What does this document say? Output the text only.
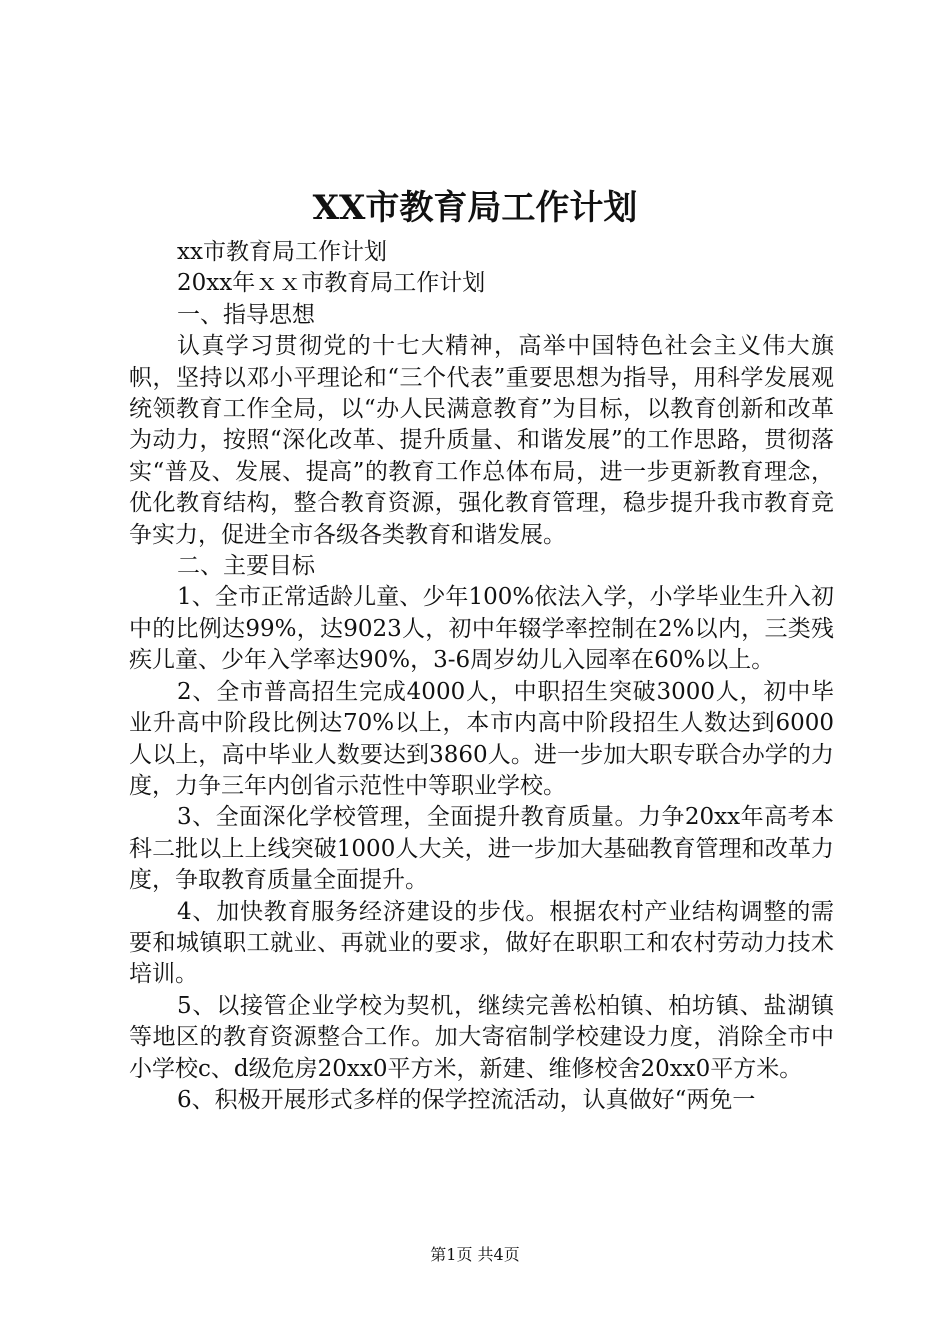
XX市教育局工作计划

xx市教育局工作计划

20xx年ｘｘ市教育局工作计划

一、指导思想

认真学习贯彻党的十七大精神，高举中国特色社会主义伟大旗帜，坚持以邓小平理论和“三个代表”重要思想为指导，用科学发展观统领教育工作全局，以“办人民满意教育”为目标，以教育创新和改革为动力，按照“深化改革、提升质量、和谐发展”的工作思路，贯彻落实“普及、发展、提高”的教育工作总体布局，进一步更新教育理念，优化教育结构，整合教育资源，强化教育管理，稳步提升我市教育竞争实力，促进全市各级各类教育和谐发展。

二、主要目标

1、全市正常适龄儿童、少年100%依法入学，小学毕业生升入初中的比例达99%，达9023人，初中年辍学率控制在2%以内，三类残疾儿童、少年入学率达90%，3-6周岁幼儿入园率在60%以上。

2、全市普高招生完成4000人，中职招生突破3000人，初中毕业升高中阶段比例达70%以上，本市内高中阶段招生人数达到6000人以上，高中毕业人数要达到3860人。进一步加大职专联合办学的力度，力争三年内创省示范性中等职业学校。

3、全面深化学校管理，全面提升教育质量。力争20xx年高考本科二批以上上线突破1000人大关，进一步加大基础教育管理和改革力度，争取教育质量全面提升。

4、加快教育服务经济建设的步伐。根据农村产业结构调整的需要和城镇职工就业、再就业的要求，做好在职职工和农村劳动力技术培训。

5、以接管企业学校为契机，继续完善松柏镇、柏坊镇、盐湖镇等地区的教育资源整合工作。加大寄宿制学校建设力度，消除全市中小学校c、d级危房20xx0平方米，新建、维修校舍20xx0平方米。

6、积极开展形式多样的保学控流活动，认真做好“两免一

第1页 共4页
